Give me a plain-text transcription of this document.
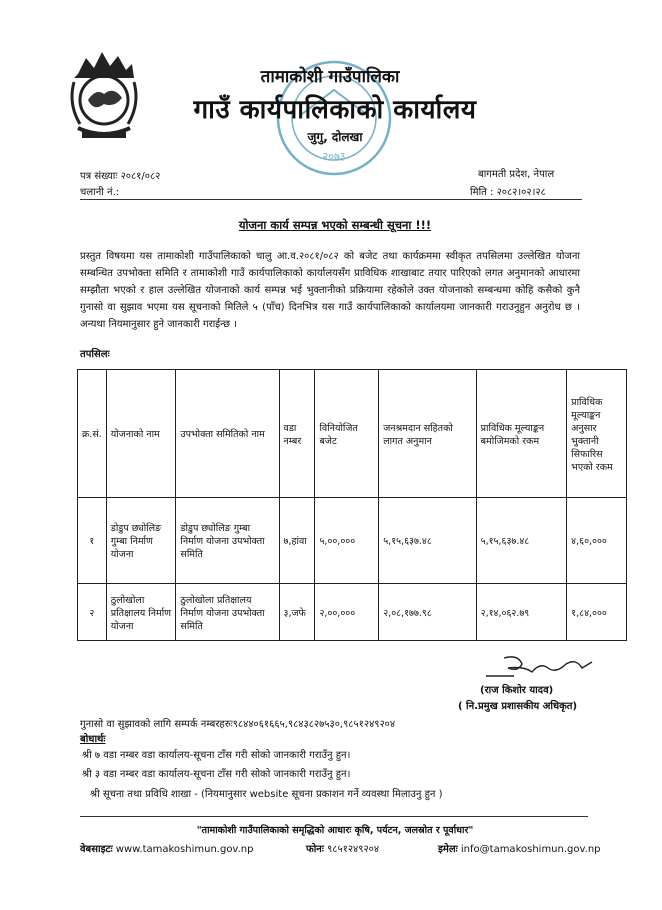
२०७३
तामाकोशी गाउँपालिका
गाउँ कार्यपालिकाको कार्यालय
जुगु, दोलखा
पत्र संख्याः २०८१/०८२
चलानी नं.:
बागमती प्रदेश, नेपाल
मिति : २०८२।०२।२८
योजना कार्य सम्पन्न भएको सम्बन्धी सूचना !!!
प्रस्तुत विषयमा यस तामाकोशी गाउँपालिकाको चालु आ.व.२०८१/०८२ को बजेट तथा कार्यक्रममा स्वीकृत तपसिलमा उल्लेखित योजना सम्बन्धित उपभोक्ता समिति र तामाकोशी गाउँ कार्यपालिकाको कार्यालयसँग प्राविधिक शाखाबाट तयार पारिएको लगत अनुमानको आधारमा सम्झौता भएको र हाल उल्लेखित योजनाको कार्य सम्पन्न भई भुक्तानीको प्रक्रियामा रहेकोले उक्त योजनाको सम्बन्धमा कोहि कसैको कुनै गुनासो वा सुझाव भएमा यस सूचनाको मितिले ५ (पाँच) दिनभित्र यस गाउँ कार्यपालिकाको कार्यालयमा जानकारी गराउनुहुन अनुरोध छ । अन्यथा नियमानुसार हुने जानकारी गराईन्छ ।
तपसिलः
क्र.सं.	योजनाको नाम	उपभोक्ता समितिको नाम	वडा नम्बर	विनियोजित बजेट	जनश्रमदान सहितको लागत अनुमान	प्राविधिक मूल्याङ्कन बमोजिमको रकम	प्राविधिक मूल्याङ्कन अनुसार भुक्तानी सिफारिस भएको रकम
१	डोडुप छ्योलिङ गुम्बा निर्माण योजना	डोडुप छ्योलिङ गुम्बा निर्माण योजना उपभोक्ता समिति	७,हांवा	५,००,०००	५,१५,६३७.४८	५,१५,६३७.४८	४,६०,०००
२	ठुलोखोला प्रतिक्षालय निर्माण योजना	ठुलोखोला प्रतिक्षालय निर्माण योजना उपभोक्ता समिति	३,जफे	२,००,०००	२,०८,१७७.९८	२,१४,०६२.७९	१,८४,०००
(राज किशोर यादव)
( नि.प्रमुख प्रशासकीय अधिकृत)
गुनासो वा सुझावको लागि सम्पर्क नम्बरहरुः९८४४०६१६६५,९८४३८२७५३०,९८५१२४९२०४
बोधार्थः
श्री ७ वडा नम्बर वडा कार्यालय-सूचना टाँस गरी सोको जानकारी गराउँनु हुन।
श्री ३ वडा नम्बर वडा कार्यालय-सूचना टाँस गरी सोको जानकारी गराउँनु हुन।
श्री सूचना तथा प्रविधि शाखा - (नियमानुसार website सूचना प्रकाशन गर्ने व्यवस्था मिलाउनु हुन )
"तामाकोशी गाउँपालिकाको समृद्धिको आधारः कृषि, पर्यटन, जलस्रोत र पूर्वाधार"
वेबसाइटः www.tamakoshimun.gov.np	फोनः ९८५१२४९२०४	इमेलः info@tamakoshimun.gov.np
